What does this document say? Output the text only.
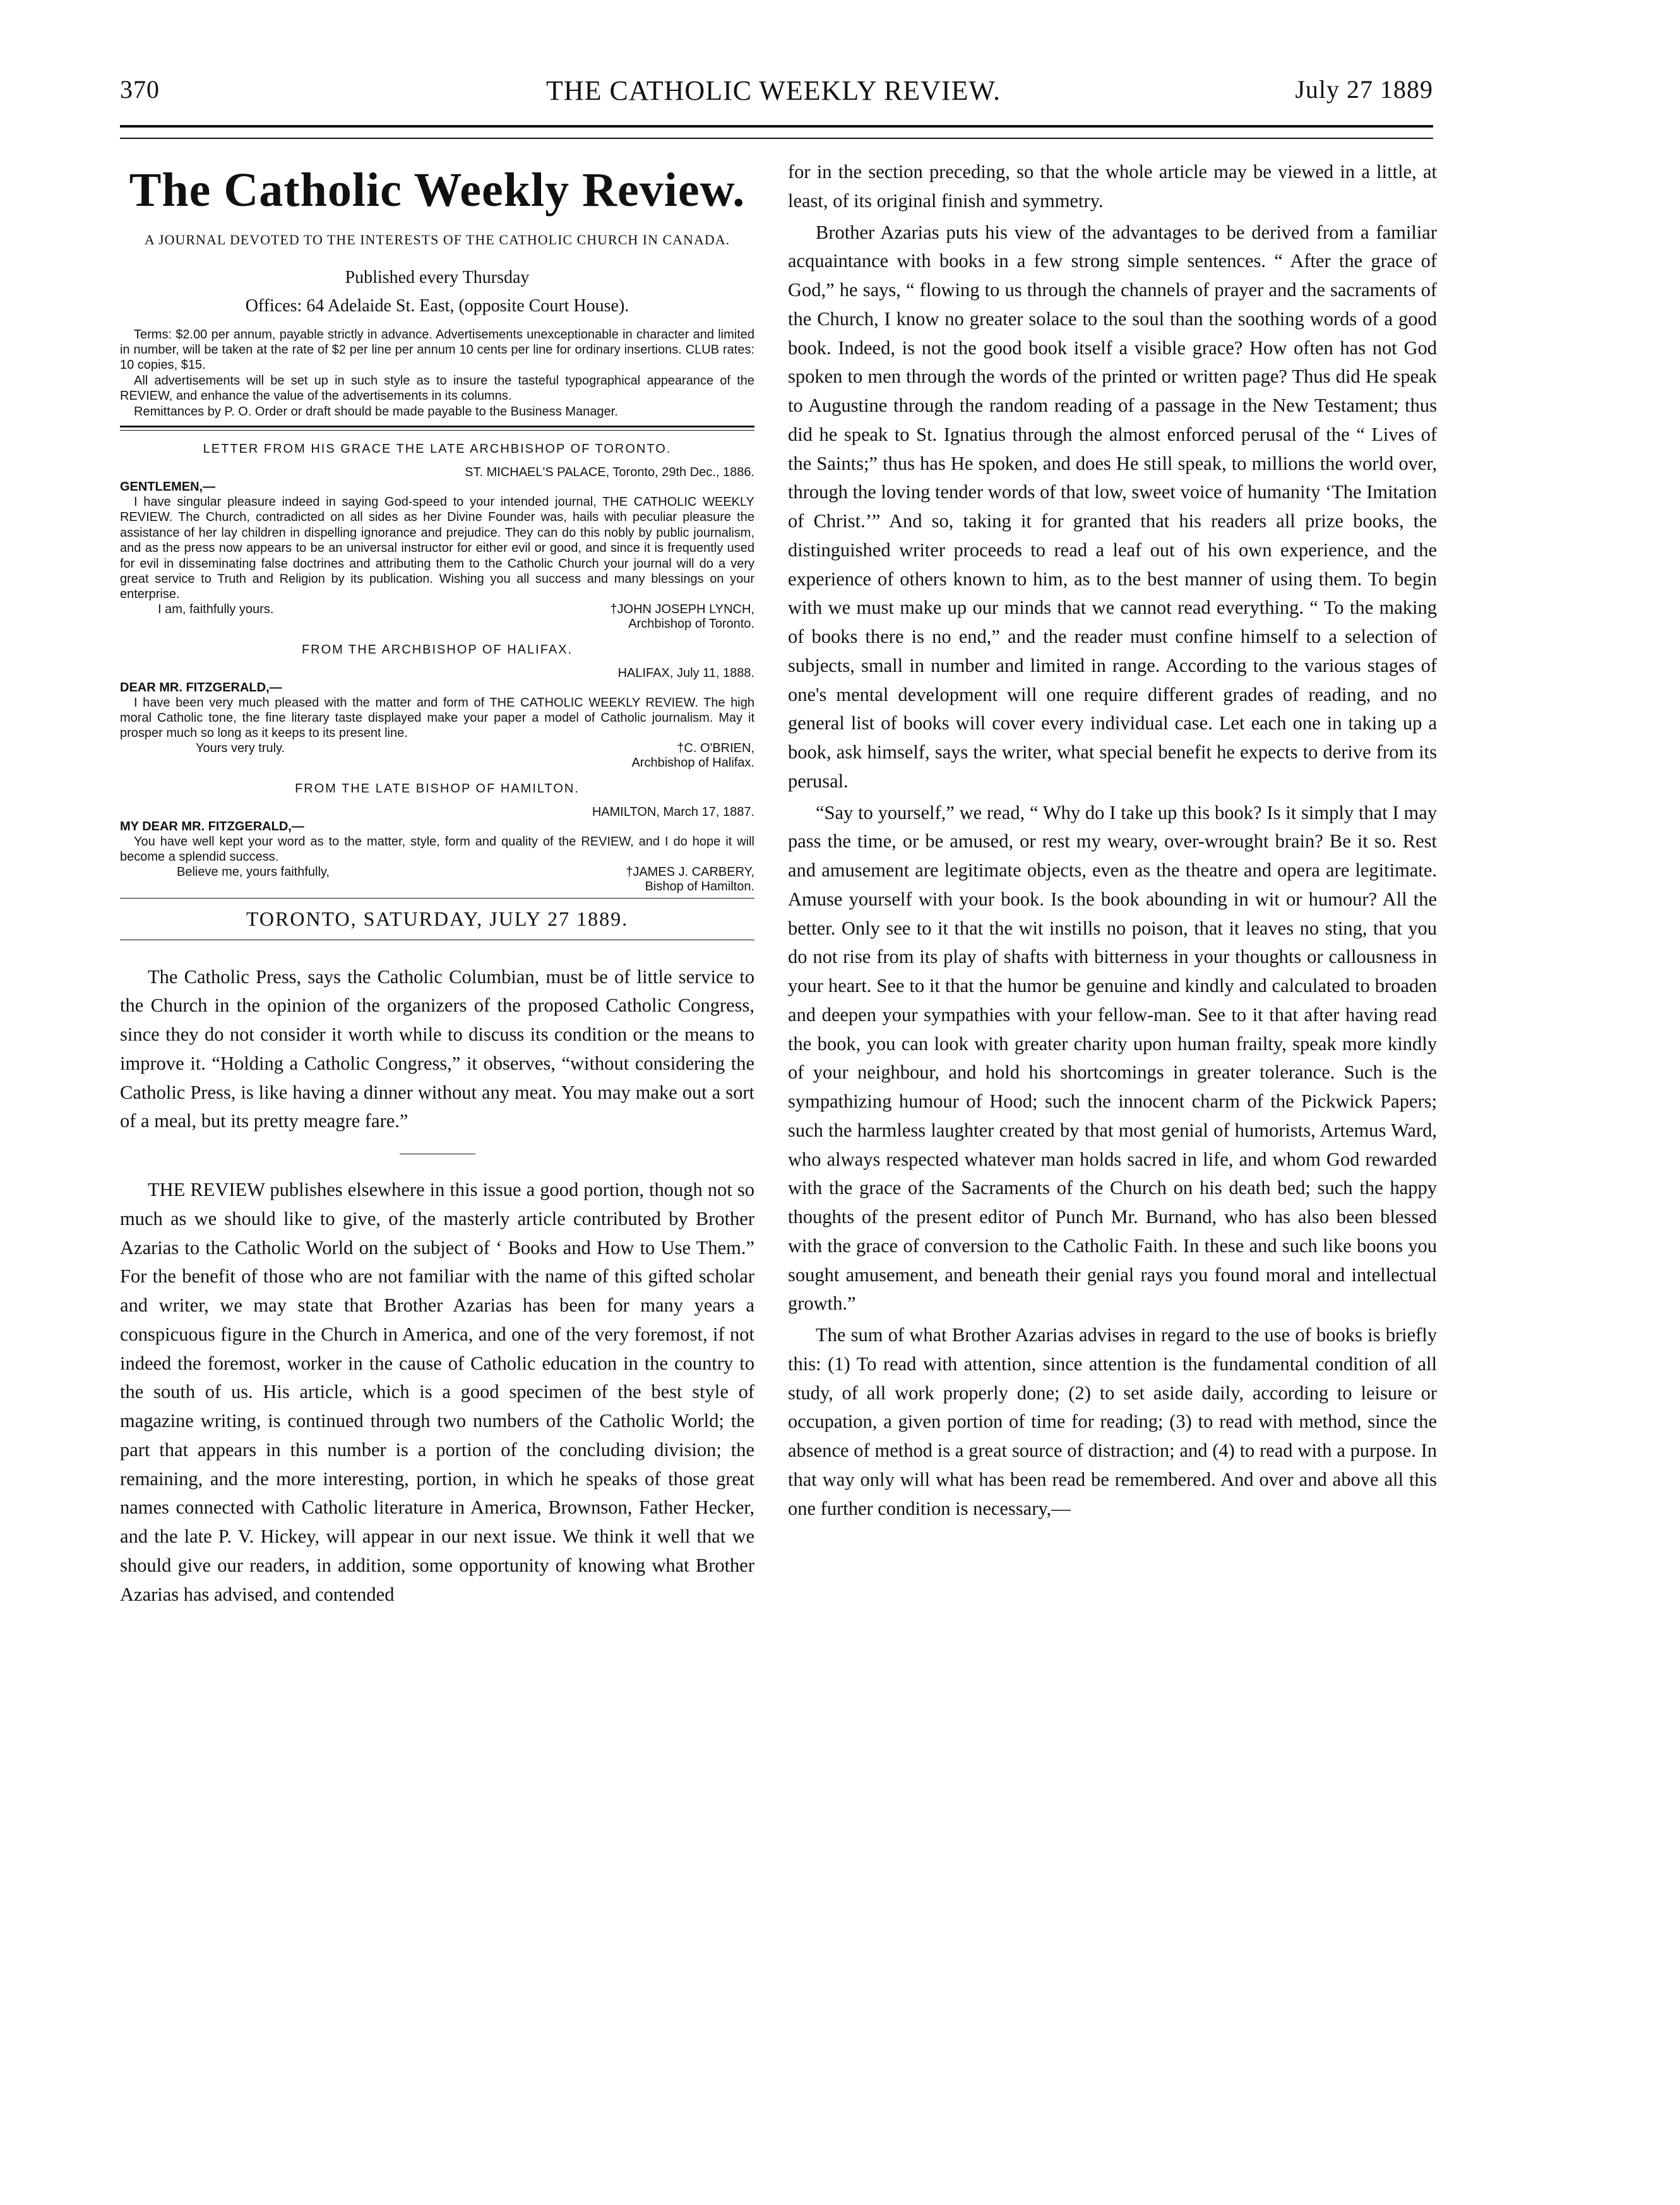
370	THE CATHOLIC WEEKLY REVIEW.	July 27 1889
The Catholic Weekly Review.
A JOURNAL DEVOTED TO THE INTERESTS OF THE CATHOLIC CHURCH IN CANADA.
Published every Thursday
Offices: 64 Adelaide St. East, (opposite Court House).
Terms: $2.00 per annum, payable strictly in advance. Advertisements unexceptionable in character and limited in number, will be taken at the rate of $2 per line per annum 10 cents per line for ordinary insertions. CLUB rates: 10 copies, $15.
All advertisements will be set up in such style as to insure the tasteful typographical appearance of the REVIEW, and enhance the value of the advertisements in its columns.
Remittances by P. O. Order or draft should be made payable to the Business Manager.
LETTER FROM HIS GRACE THE LATE ARCHBISHOP OF TORONTO.
ST. MICHAEL'S PALACE, Toronto, 29th Dec., 1886.
GENTLEMEN,—
I have singular pleasure indeed in saying God-speed to your intended journal, THE CATHOLIC WEEKLY REVIEW. The Church, contradicted on all sides as her Divine Founder was, hails with peculiar pleasure the assistance of her lay children in dispelling ignorance and prejudice. They can do this nobly by public journalism, and as the press now appears to be an universal instructor for either evil or good, and since it is frequently used for evil in disseminating false doctrines and attributing them to the Catholic Church your journal will do a very great service to Truth and Religion by its publication. Wishing you all success and many blessings on your enterprise.
I am, faithfully yours.	†JOHN JOSEPH LYNCH,
Archbishop of Toronto.
FROM THE ARCHBISHOP OF HALIFAX.
HALIFAX, July 11, 1888.
DEAR MR. FITZGERALD,—
I have been very much pleased with the matter and form of THE CATHOLIC WEEKLY REVIEW. The high moral Catholic tone, the fine literary taste displayed make your paper a model of Catholic journalism. May it prosper much so long as it keeps to its present line.
Yours very truly.	†C. O'BRIEN,
Archbishop of Halifax.
FROM THE LATE BISHOP OF HAMILTON.
HAMILTON, March 17, 1887.
MY DEAR MR. FITZGERALD,—
You have well kept your word as to the matter, style, form and quality of the REVIEW, and I do hope it will become a splendid success.
Believe me, yours faithfully,	†JAMES J. CARBERY,
Bishop of Hamilton.
TORONTO, SATURDAY, JULY 27 1889.

The Catholic Press, says the Catholic Columbian, must be of little service to the Church in the opinion of the organizers of the proposed Catholic Congress, since they do not consider it worth while to discuss its condition or the means to improve it. “Holding a Catholic Congress,” it observes, “without considering the Catholic Press, is like having a dinner without any meat. You may make out a sort of a meal, but its pretty meagre fare.”

THE REVIEW publishes elsewhere in this issue a good portion, though not so much as we should like to give, of the masterly article contributed by Brother Azarias to the Catholic World on the subject of ‘ Books and How to Use Them.” For the benefit of those who are not familiar with the name of this gifted scholar and writer, we may state that Brother Azarias has been for many years a conspicuous figure in the Church in America, and one of the very foremost, if not indeed the foremost, worker in the cause of Catholic education in the country to the south of us. His article, which is a good specimen of the best style of magazine writing, is continued through two numbers of the Catholic World; the part that appears in this number is a portion of the concluding division; the remaining, and the more interesting, portion, in which he speaks of those great names connected with Catholic literature in America, Brownson, Father Hecker, and the late P. V. Hickey, will appear in our next issue. We think it well that we should give our readers, in addition, some opportunity of knowing what Brother Azarias has advised, and contended

for in the section preceding, so that the whole article may be viewed in a little, at least, of its original finish and symmetry.

Brother Azarias puts his view of the advantages to be derived from a familiar acquaintance with books in a few strong simple sentences. “ After the grace of God,” he says, “ flowing to us through the channels of prayer and the sacraments of the Church, I know no greater solace to the soul than the soothing words of a good book. Indeed, is not the good book itself a visible grace? How often has not God spoken to men through the words of the printed or written page? Thus did He speak to Augustine through the random reading of a passage in the New Testament; thus did he speak to St. Ignatius through the almost enforced perusal of the “ Lives of the Saints;” thus has He spoken, and does He still speak, to millions the world over, through the loving tender words of that low, sweet voice of humanity ‘The Imitation of Christ.’” And so, taking it for granted that his readers all prize books, the distinguished writer proceeds to read a leaf out of his own experience, and the experience of others known to him, as to the best manner of using them. To begin with we must make up our minds that we cannot read everything. “ To the making of books there is no end,” and the reader must confine himself to a selection of subjects, small in number and limited in range. According to the various stages of one's mental development will one require different grades of reading, and no general list of books will cover every individual case. Let each one in taking up a book, ask himself, says the writer, what special benefit he expects to derive from its perusal.

“Say to yourself,” we read, “ Why do I take up this book? Is it simply that I may pass the time, or be amused, or rest my weary, over-wrought brain? Be it so. Rest and amusement are legitimate objects, even as the theatre and opera are legitimate. Amuse yourself with your book. Is the book abounding in wit or humour? All the better. Only see to it that the wit instills no poison, that it leaves no sting, that you do not rise from its play of shafts with bitterness in your thoughts or callousness in your heart. See to it that the humor be genuine and kindly and calculated to broaden and deepen your sympathies with your fellow-man. See to it that after having read the book, you can look with greater charity upon human frailty, speak more kindly of your neighbour, and hold his shortcomings in greater tolerance. Such is the sympathizing humour of Hood; such the innocent charm of the Pickwick Papers; such the harmless laughter created by that most genial of humorists, Artemus Ward, who always respected whatever man holds sacred in life, and whom God rewarded with the grace of the Sacraments of the Church on his death bed; such the happy thoughts of the present editor of Punch Mr. Burnand, who has also been blessed with the grace of conversion to the Catholic Faith. In these and such like boons you sought amusement, and beneath their genial rays you found moral and intellectual growth.”

The sum of what Brother Azarias advises in regard to the use of books is briefly this: (1) To read with attention, since attention is the fundamental condition of all study, of all work properly done; (2) to set aside daily, according to leisure or occupation, a given portion of time for reading; (3) to read with method, since the absence of method is a great source of distraction; and (4) to read with a purpose. In that way only will what has been read be remembered. And over and above all this one further condition is necessary,—
